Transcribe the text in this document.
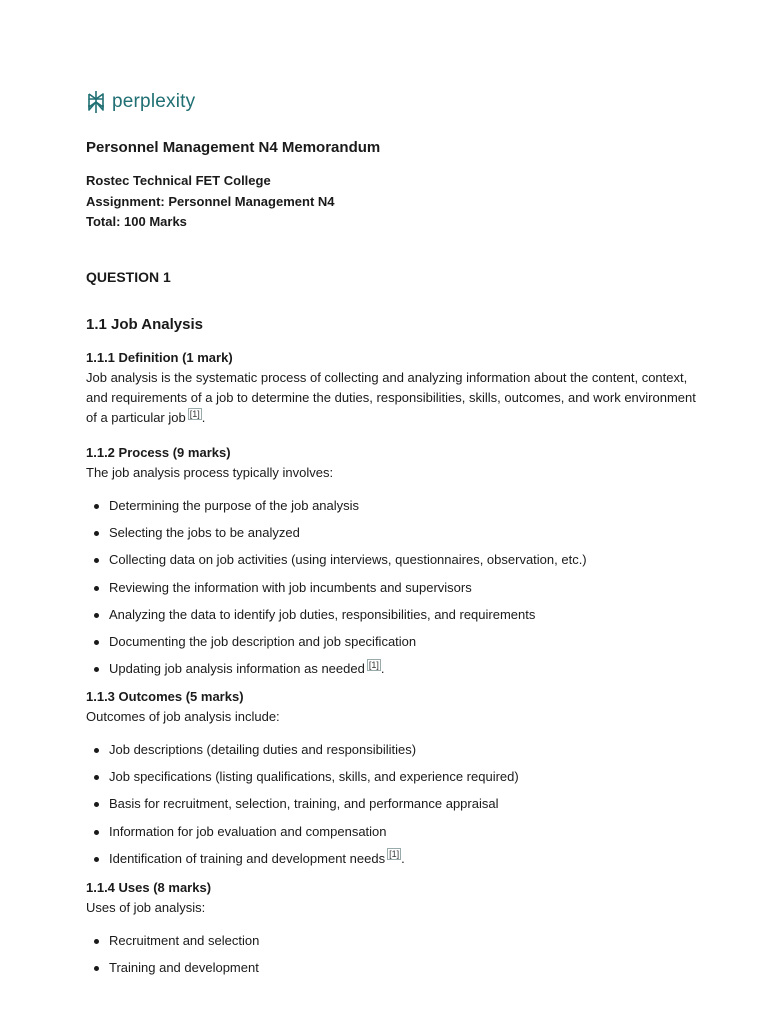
perplexity
Personnel Management N4 Memorandum
Rostec Technical FET College
Assignment: Personnel Management N4
Total: 100 Marks
QUESTION 1
1.1 Job Analysis
1.1.1 Definition (1 mark)

Job analysis is the systematic process of collecting and analyzing information about the content, context, and requirements of a job to determine the duties, responsibilities, skills, outcomes, and work environment of a particular job [1] .

1.1.2 Process (9 marks)
The job analysis process typically involves:
Determining the purpose of the job analysis
Selecting the jobs to be analyzed
Collecting data on job activities (using interviews, questionnaires, observation, etc.)
Reviewing the information with job incumbents and supervisors
Analyzing the data to identify job duties, responsibilities, and requirements
Documenting the job description and job specification
Updating job analysis information as needed [1] .
1.1.3 Outcomes (5 marks)
Outcomes of job analysis include:
Job descriptions (detailing duties and responsibilities)
Job specifications (listing qualifications, skills, and experience required)
Basis for recruitment, selection, training, and performance appraisal
Information for job evaluation and compensation
Identification of training and development needs [1] .
1.1.4 Uses (8 marks)
Uses of job analysis:
Recruitment and selection
Training and development
